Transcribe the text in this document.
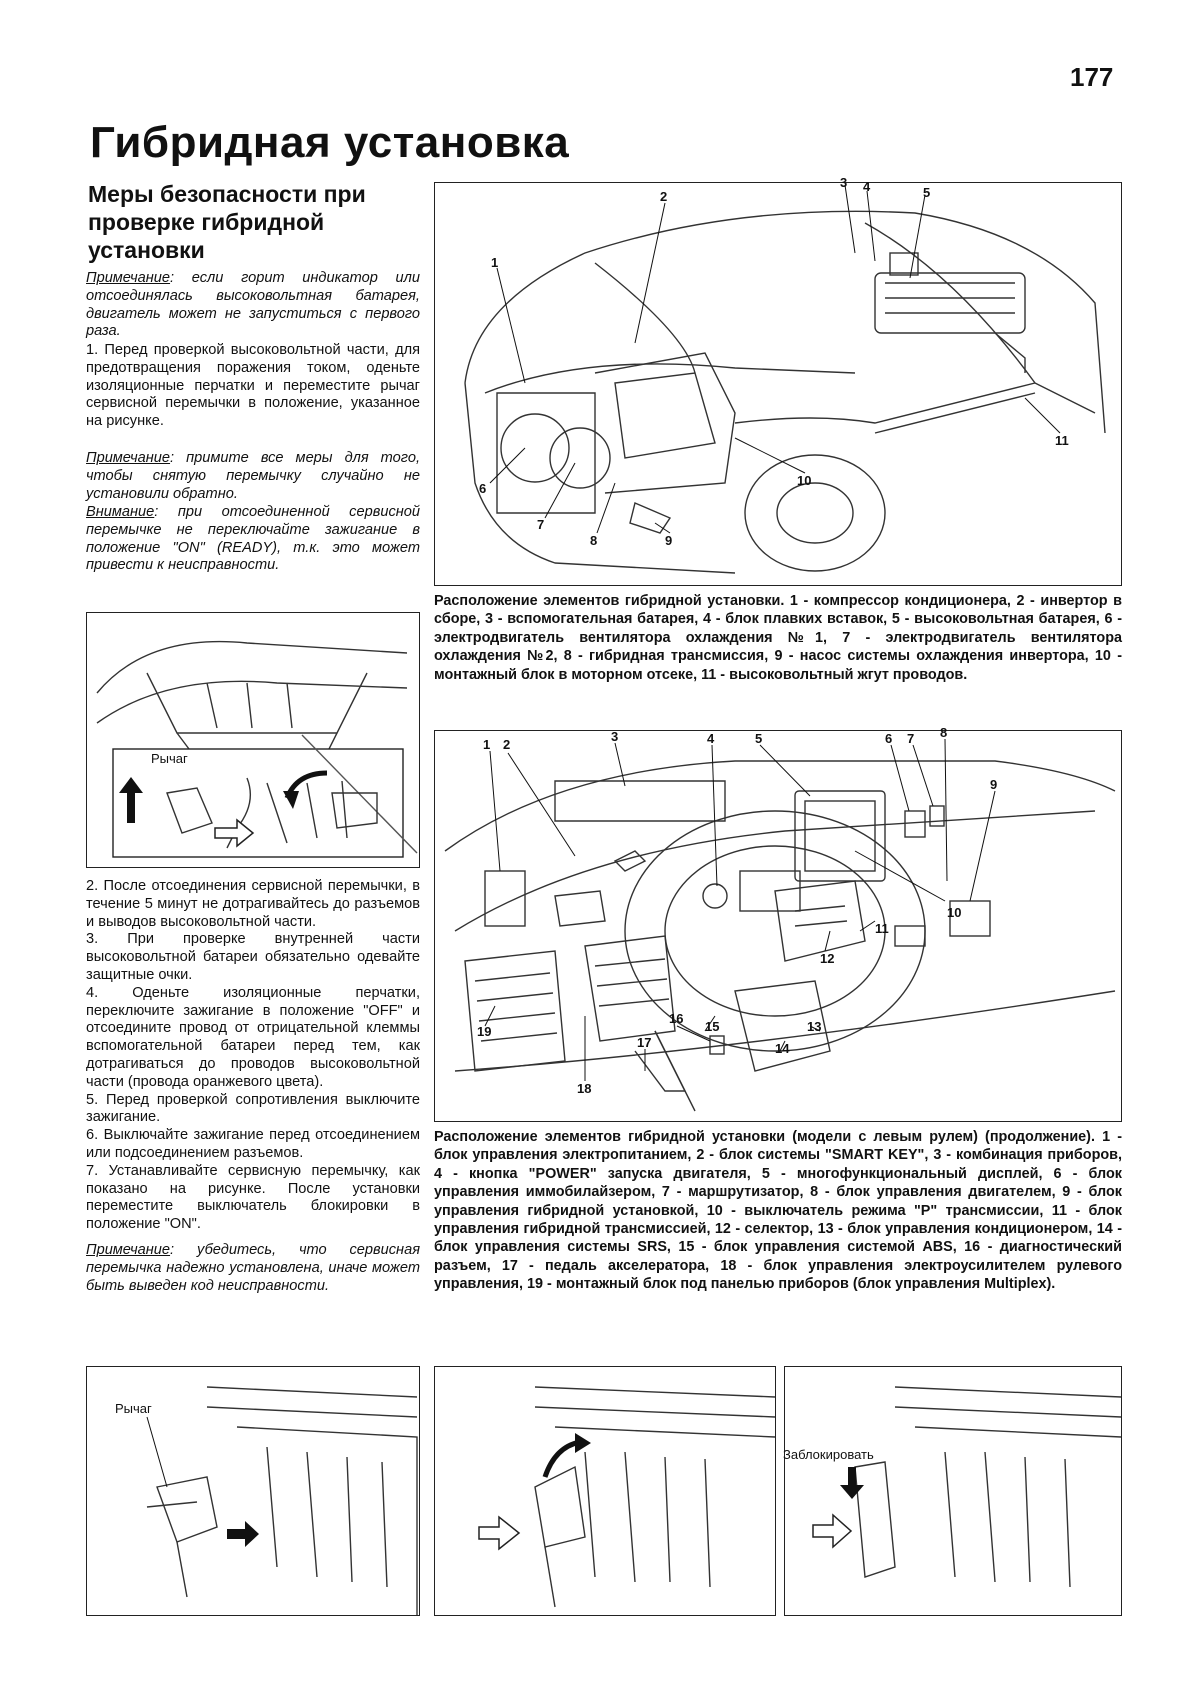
177
Гибридная установка
Меры безопасности при проверке гибридной установки

Примечание: если горит индикатор или отсоединялась высоковольтная батарея, двигатель может не запуститься с первого раза.

1. Перед проверкой высоковольтной части, для предотвращения поражения током, оденьте изоляционные перчатки и переместите рычаг сервисной перемычки в положение, указанное на рисунке.

Примечание: примите все меры для того, чтобы снятую перемычку случайно не установили обратно.

Внимание: при отсоединенной сервисной перемычке не переключайте зажигание в положение "ON" (READY), т.к. это может привести к неисправности.

Рычаг

2. После отсоединения сервисной перемычки, в течение 5 минут не дотрагивайтесь до разъемов и выводов высоковольтной части.
3. При проверке внутренней части высоковольтной батареи обязательно одевайте защитные очки.
4. Оденьте изоляционные перчатки, переключите зажигание в положение "OFF" и отсоедините провод от отрицательной клеммы вспомогательной батареи перед тем, как дотрагиваться до проводов высоковольтной части (провода оранжевого цвета).
5. Перед проверкой сопротивления выключите зажигание.
6. Выключайте зажигание перед отсоединением или подсоединением разъемов.
7. Устанавливайте сервисную перемычку, как показано на рисунке. После установки переместите выключатель блокировки в положение "ON".

Примечание: убедитесь, что сервисная перемычка надежно установлена, иначе может быть выведен код неисправности.

1
2
3 4	5
6
7
8	9
10
11

Расположение элементов гибридной установки. 1 - компрессор кондиционера, 2 - инвертор в сборе, 3 - вспомогательная батарея, 4 - блок плавких вставок, 5 - высоковольтная батарея, 6 - электродвигатель вентилятора охлаждения №1, 7 - электродвигатель вентилятора охлаждения №2, 8 - гибридная трансмиссия, 9 - насос системы охлаждения инвертора, 10 - монтажный блок в моторном отсеке, 11 - высоковольтный жгут проводов.

1 2
3	4	5	6 7 8
9
10
11
12
13
14
15
16
17
18
19

Расположение элементов гибридной установки (модели с левым рулем) (продолжение). 1 - блок управления электропитанием, 2 - блок системы "SMART KEY", 3 - комбинация приборов, 4 - кнопка "POWER" запуска двигателя, 5 - многофункциональный дисплей, 6 - блок управления иммобилайзером, 7 - маршрутизатор, 8 - блок управления двигателем, 9 - блок управления гибридной установкой, 10 - выключатель режима "P" трансмиссии, 11 - блок управления гибридной трансмиссией, 12 - селектор, 13 - блок управления кондиционером, 14 - блок управления системы SRS, 15 - блок управления системой ABS, 16 - диагностический разъем, 17 - педаль акселератора, 18 - блок управления электроусилителем рулевого управления, 19 - монтажный блок под панелью приборов (блок управления Multiplex).

Рычаг
Заблокировать
